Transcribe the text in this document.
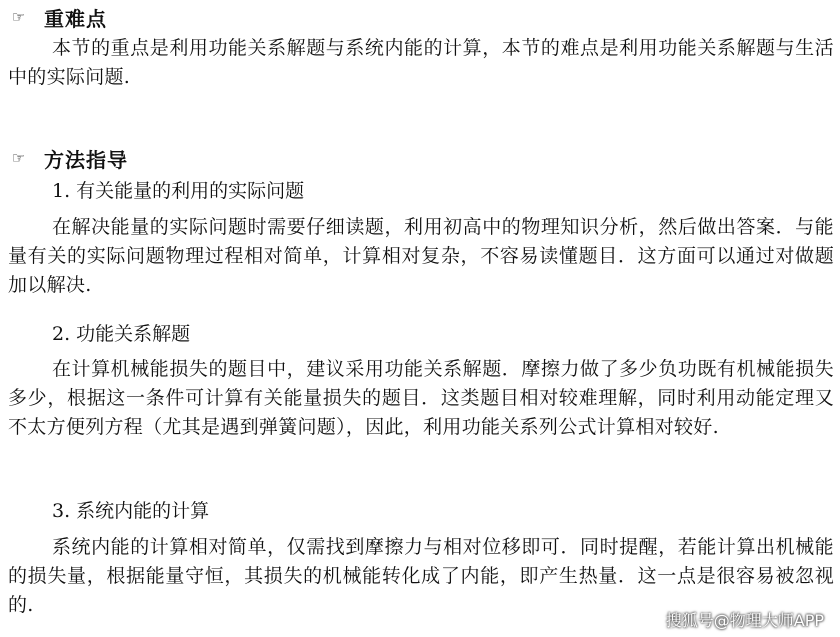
☞ 重难点
本节的重点是利用功能关系解题与系统内能的计算，本节的难点是利用功能关系解题与生活中的实际问题.
☞ 方法指导
1. 有关能量的利用的实际问题
在解决能量的实际问题时需要仔细读题，利用初高中的物理知识分析，然后做出答案．与能量有关的实际问题物理过程相对简单，计算相对复杂，不容易读懂题目．这方面可以通过对做题加以解决.
2. 功能关系解题
在计算机械能损失的题目中，建议采用功能关系解题．摩擦力做了多少负功既有机械能损失多少，根据这一条件可计算有关能量损失的题目．这类题目相对较难理解，同时利用动能定理又不太方便列方程（尤其是遇到弹簧问题），因此，利用功能关系列公式计算相对较好.
3. 系统内能的计算
系统内能的计算相对简单，仅需找到摩擦力与相对位移即可．同时提醒，若能计算出机械能的损失量，根据能量守恒，其损失的机械能转化成了内能，即产生热量．这一点是很容易被忽视的.
搜狐号@物理大师APP
